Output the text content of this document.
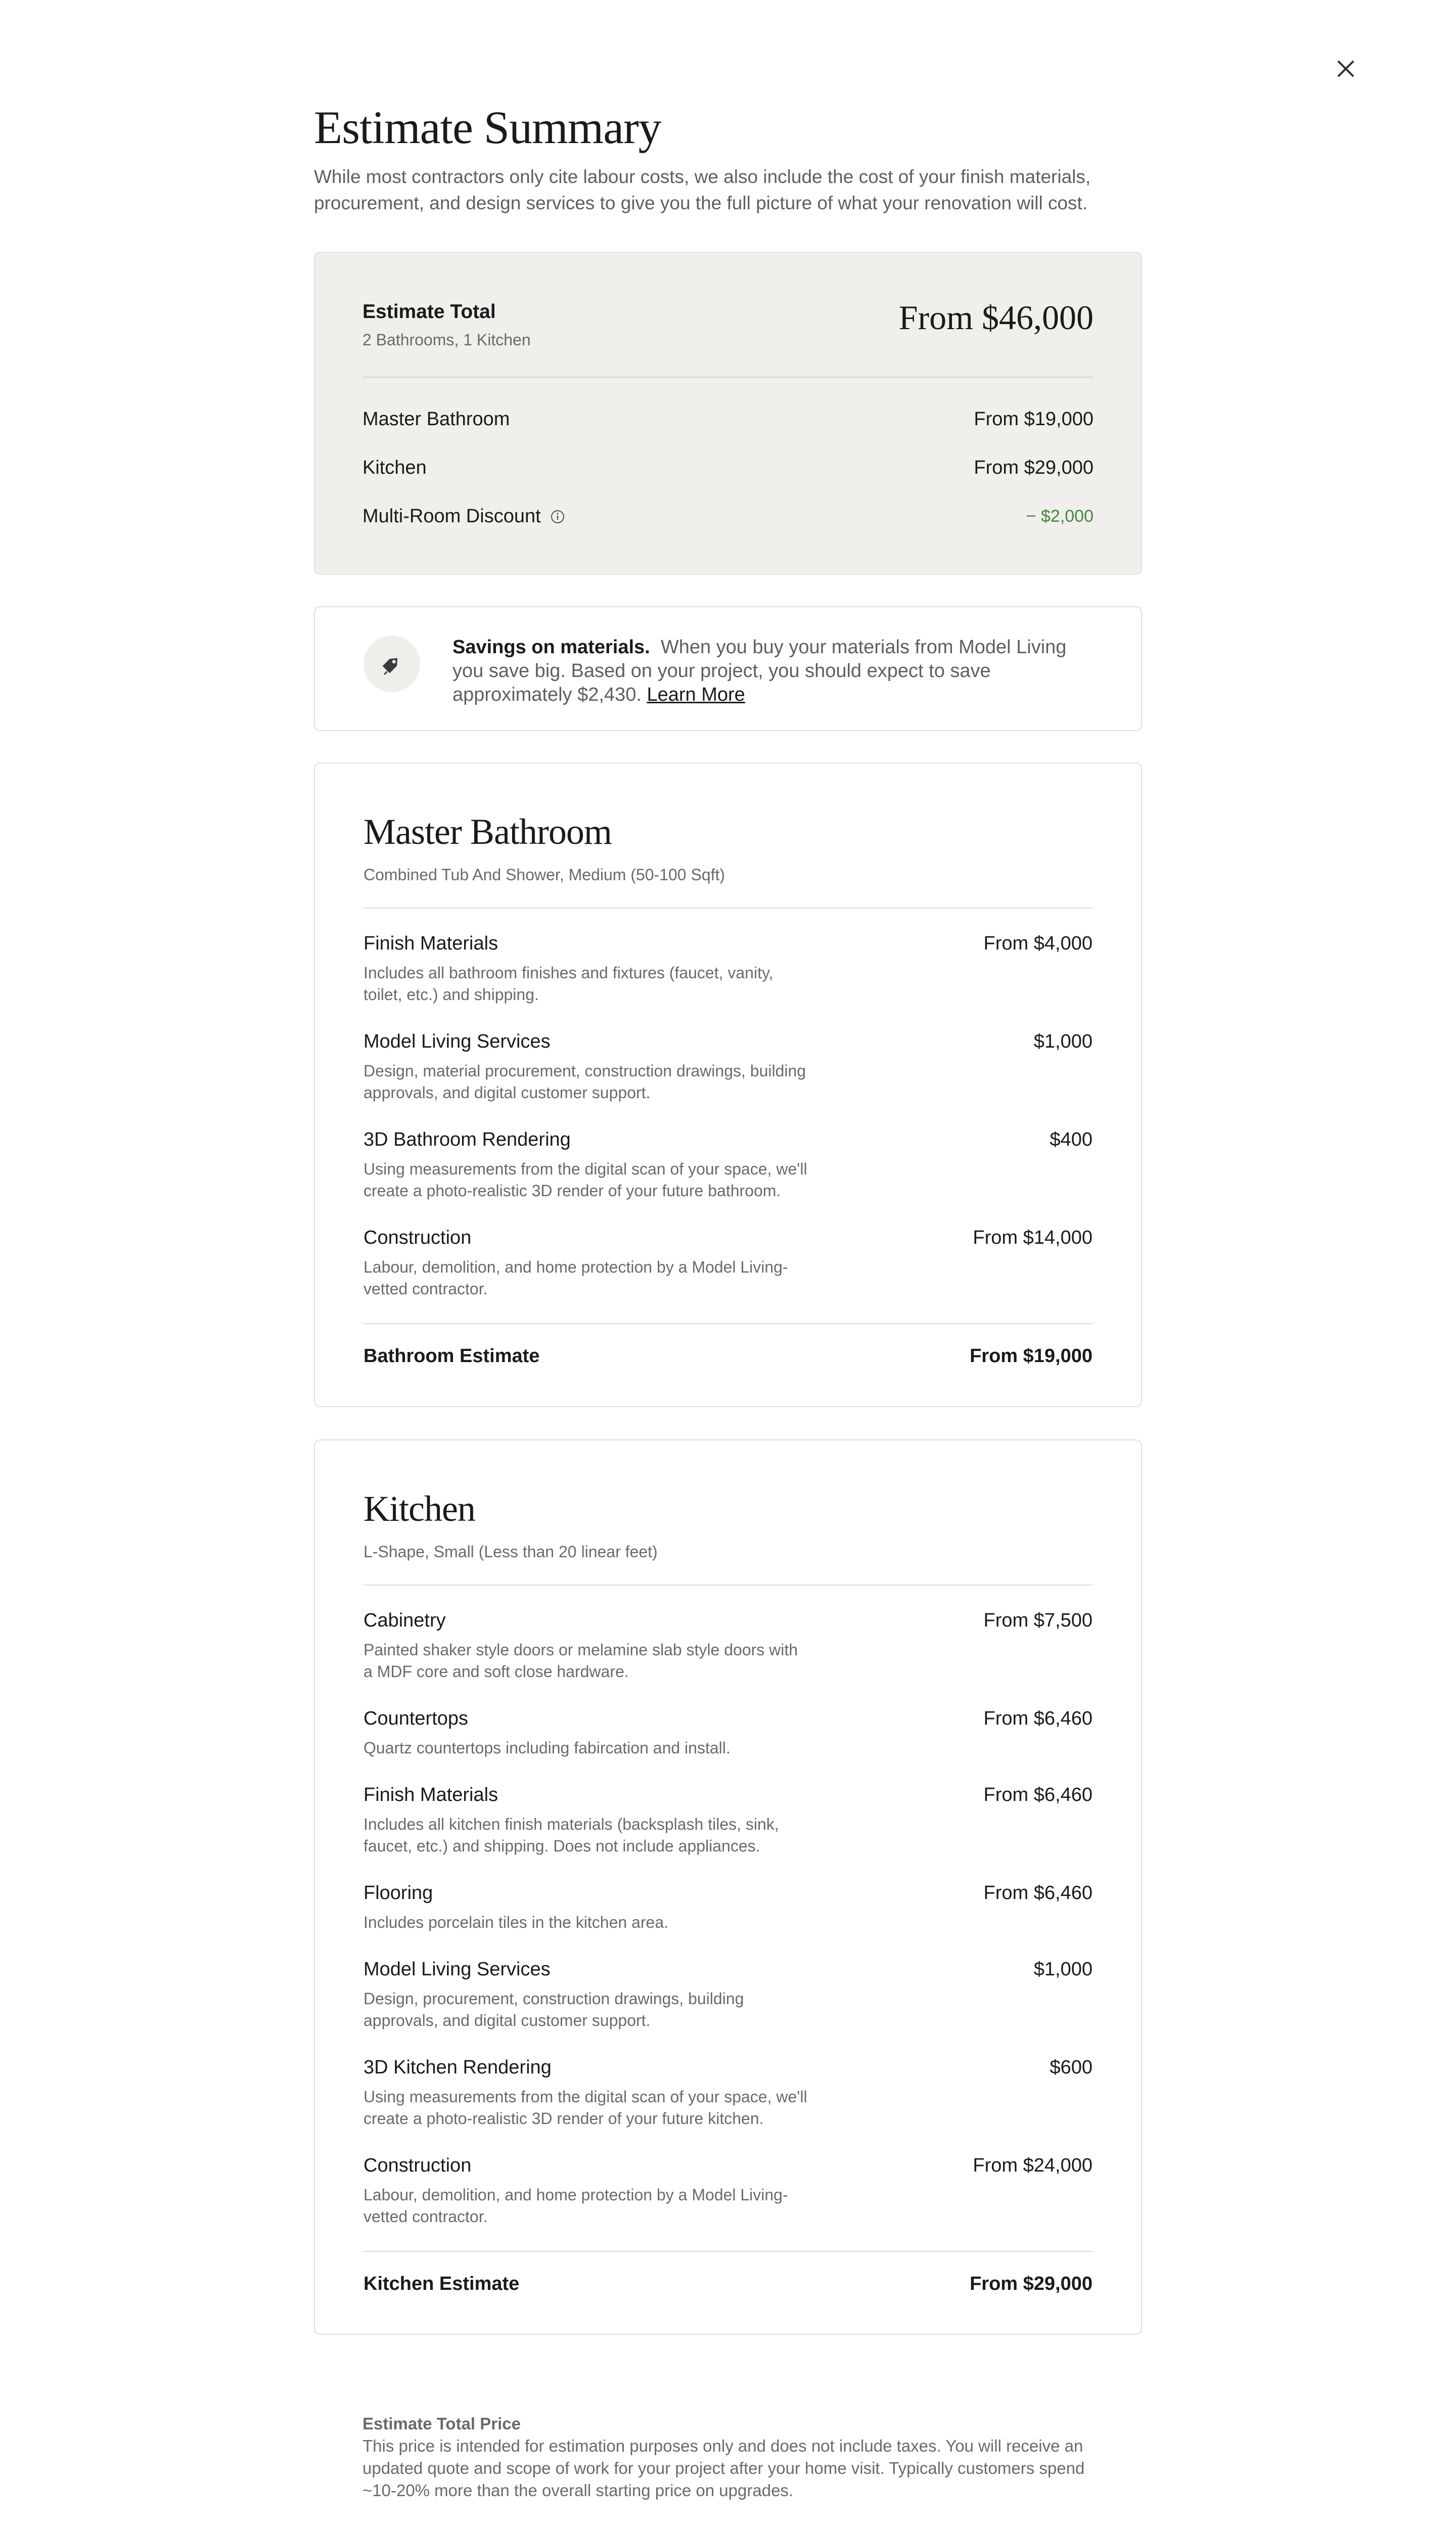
Estimate Summary
While most contractors only cite labour costs, we also include the cost of your finish materials, procurement, and design services to give you the full picture of what your renovation will cost.
Estimate Total
2 Bathrooms, 1 Kitchen
From $46,000
Master Bathroom	From $19,000
Kitchen	From $29,000
Multi-Room Discount	− $2,000
Savings on materials. When you buy your materials from Model Living you save big. Based on your project, you should expect to save approximately $2,430. Learn More
Master Bathroom
Combined Tub And Shower, Medium (50-100 Sqft)
Finish Materials
Includes all bathroom finishes and fixtures (faucet, vanity, toilet, etc.) and shipping.
From $4,000
Model Living Services
Design, material procurement, construction drawings, building approvals, and digital customer support.
$1,000
3D Bathroom Rendering
Using measurements from the digital scan of your space, we'll create a photo-realistic 3D render of your future bathroom.
$400
Construction
Labour, demolition, and home protection by a Model Living-vetted contractor.
From $14,000
Bathroom Estimate	From $19,000
Kitchen
L-Shape, Small (Less than 20 linear feet)
Cabinetry
Painted shaker style doors or melamine slab style doors with a MDF core and soft close hardware.
From $7,500
Countertops
Quartz countertops including fabircation and install.
From $6,460
Finish Materials
Includes all kitchen finish materials (backsplash tiles, sink, faucet, etc.) and shipping. Does not include appliances.
From $6,460
Flooring
Includes porcelain tiles in the kitchen area.
From $6,460
Model Living Services
Design, procurement, construction drawings, building approvals, and digital customer support.
$1,000
3D Kitchen Rendering
Using measurements from the digital scan of your space, we'll create a photo-realistic 3D render of your future kitchen.
$600
Construction
Labour, demolition, and home protection by a Model Living-vetted contractor.
From $24,000
Kitchen Estimate	From $29,000
Estimate Total Price
This price is intended for estimation purposes only and does not include taxes. You will receive an updated quote and scope of work for your project after your home visit. Typically customers spend ~10-20% more than the overall starting price on upgrades.
